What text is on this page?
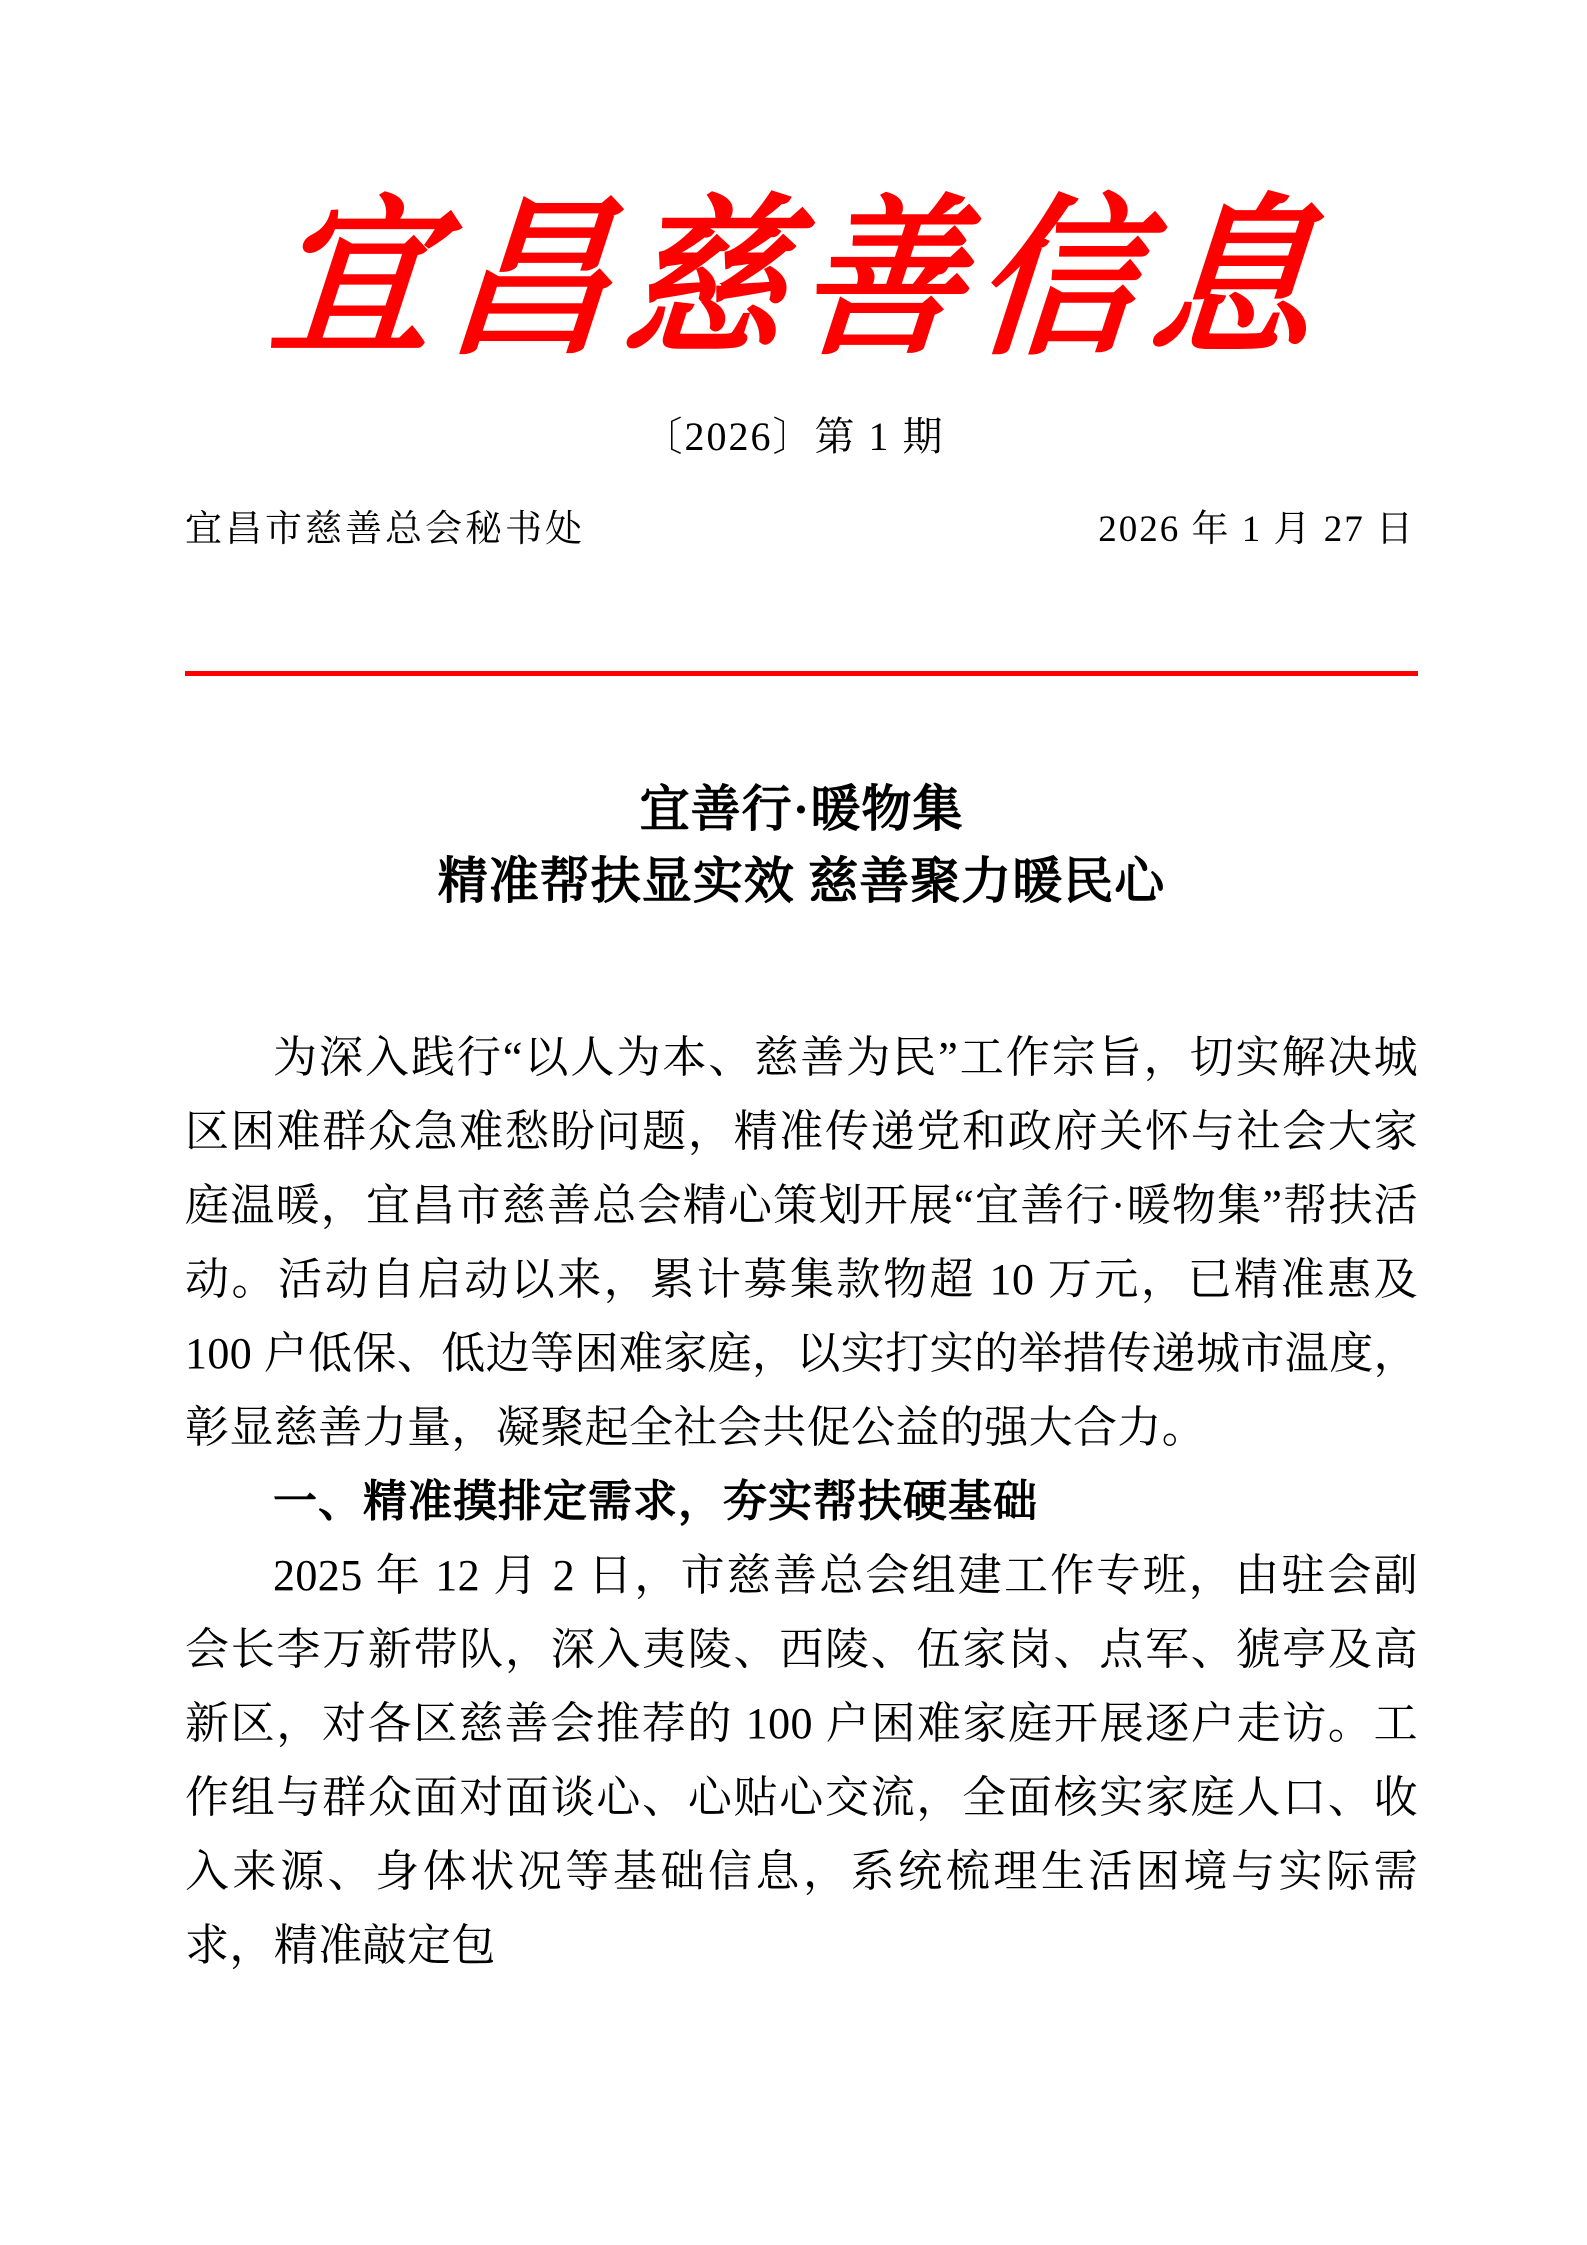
宜昌慈善信息
〔2026〕第 1 期
宜昌市慈善总会秘书处	2026 年 1 月 27 日
宜善行·暖物集
精准帮扶显实效 慈善聚力暖民心

为深入践行“以人为本、慈善为民”工作宗旨，切实解决城区困难群众急难愁盼问题，精准传递党和政府关怀与社会大家庭温暖，宜昌市慈善总会精心策划开展“宜善行·暖物集”帮扶活动。活动自启动以来，累计募集款物超 10 万元，已精准惠及 100 户低保、低边等困难家庭，以实打实的举措传递城市温度，彰显慈善力量，凝聚起全社会共促公益的强大合力。

一、精准摸排定需求，夯实帮扶硬基础

2025 年 12 月 2 日，市慈善总会组建工作专班，由驻会副会长李万新带队，深入夷陵、西陵、伍家岗、点军、猇亭及高新区，对各区慈善会推荐的 100 户困难家庭开展逐户走访。工作组与群众面对面谈心、心贴心交流，全面核实家庭人口、收入来源、身体状况等基础信息，系统梳理生活困境与实际需求，精准敲定包
